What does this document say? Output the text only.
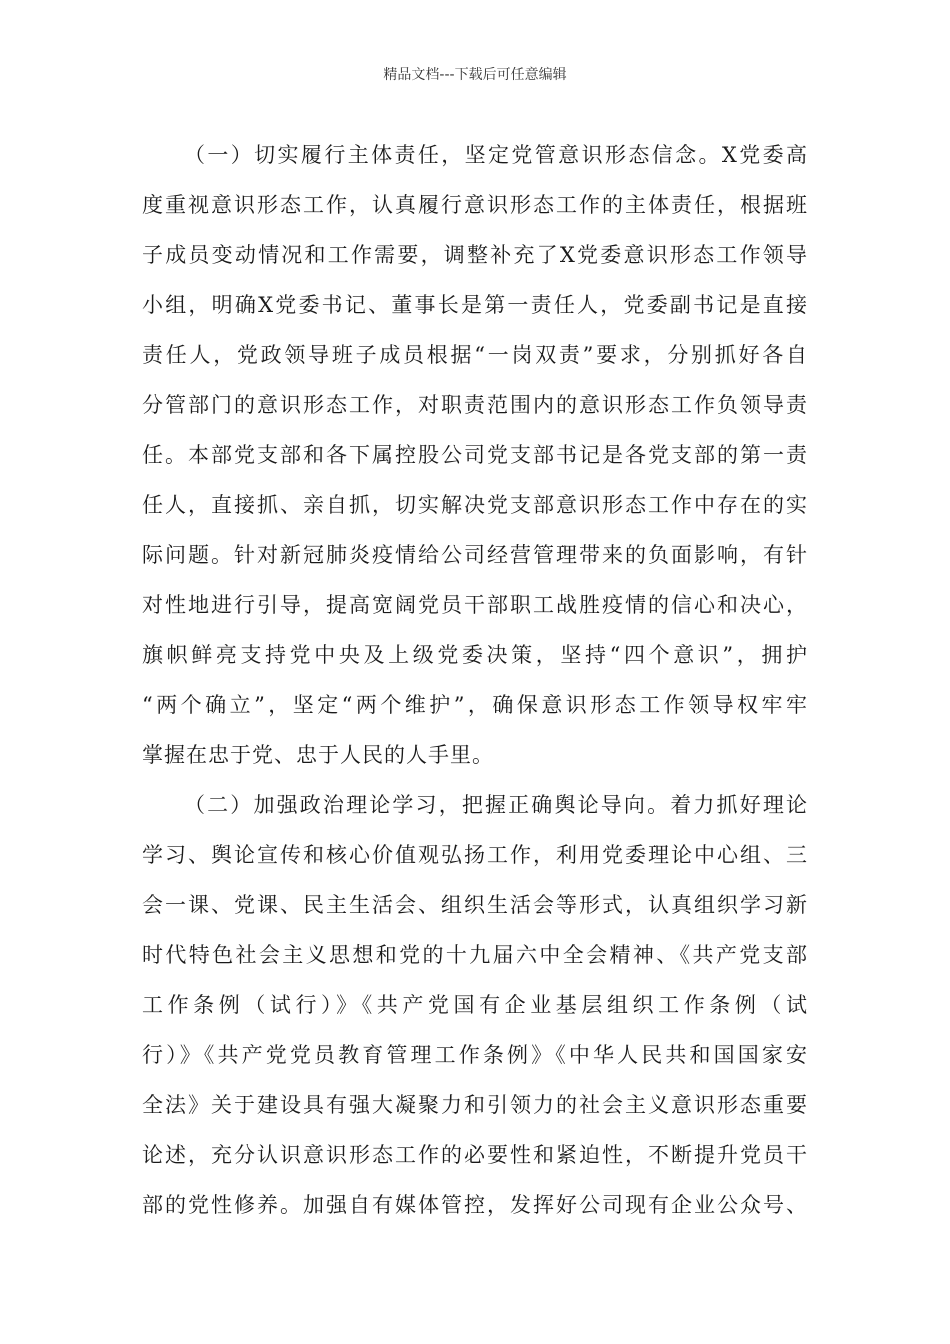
精品文档---下载后可任意编辑
（一）切实履行主体责任，坚定党管意识形态信念。X党委高
度重视意识形态工作，认真履行意识形态工作的主体责任，根据班
子成员变动情况和工作需要，调整补充了X党委意识形态工作领导
小组，明确X党委书记、董事长是第一责任人，党委副书记是直接
责任人，党政领导班子成员根据“一岗双责”要求，分别抓好各自
分管部门的意识形态工作，对职责范围内的意识形态工作负领导责
任。本部党支部和各下属控股公司党支部书记是各党支部的第一责
任人，直接抓、亲自抓，切实解决党支部意识形态工作中存在的实
际问题。针对新冠肺炎疫情给公司经营管理带来的负面影响，有针
对性地进行引导，提高宽阔党员干部职工战胜疫情的信心和决心，
旗帜鲜亮支持党中央及上级党委决策，坚持“四个意识”，拥护
“两个确立”，坚定“两个维护”，确保意识形态工作领导权牢牢
掌握在忠于党、忠于人民的人手里。
（二）加强政治理论学习，把握正确舆论导向。着力抓好理论
学习、舆论宣传和核心价值观弘扬工作，利用党委理论中心组、三
会一课、党课、民主生活会、组织生活会等形式，认真组织学习新
时代特色社会主义思想和党的十九届六中全会精神、《共产党支部
工作条例（试行）》《共产党国有企业基层组织工作条例（试
行）》《共产党党员教育管理工作条例》《中华人民共和国国家安
全法》关于建设具有强大凝聚力和引领力的社会主义意识形态重要
论述，充分认识意识形态工作的必要性和紧迫性，不断提升党员干
部的党性修养。加强自有媒体管控，发挥好公司现有企业公众号、
